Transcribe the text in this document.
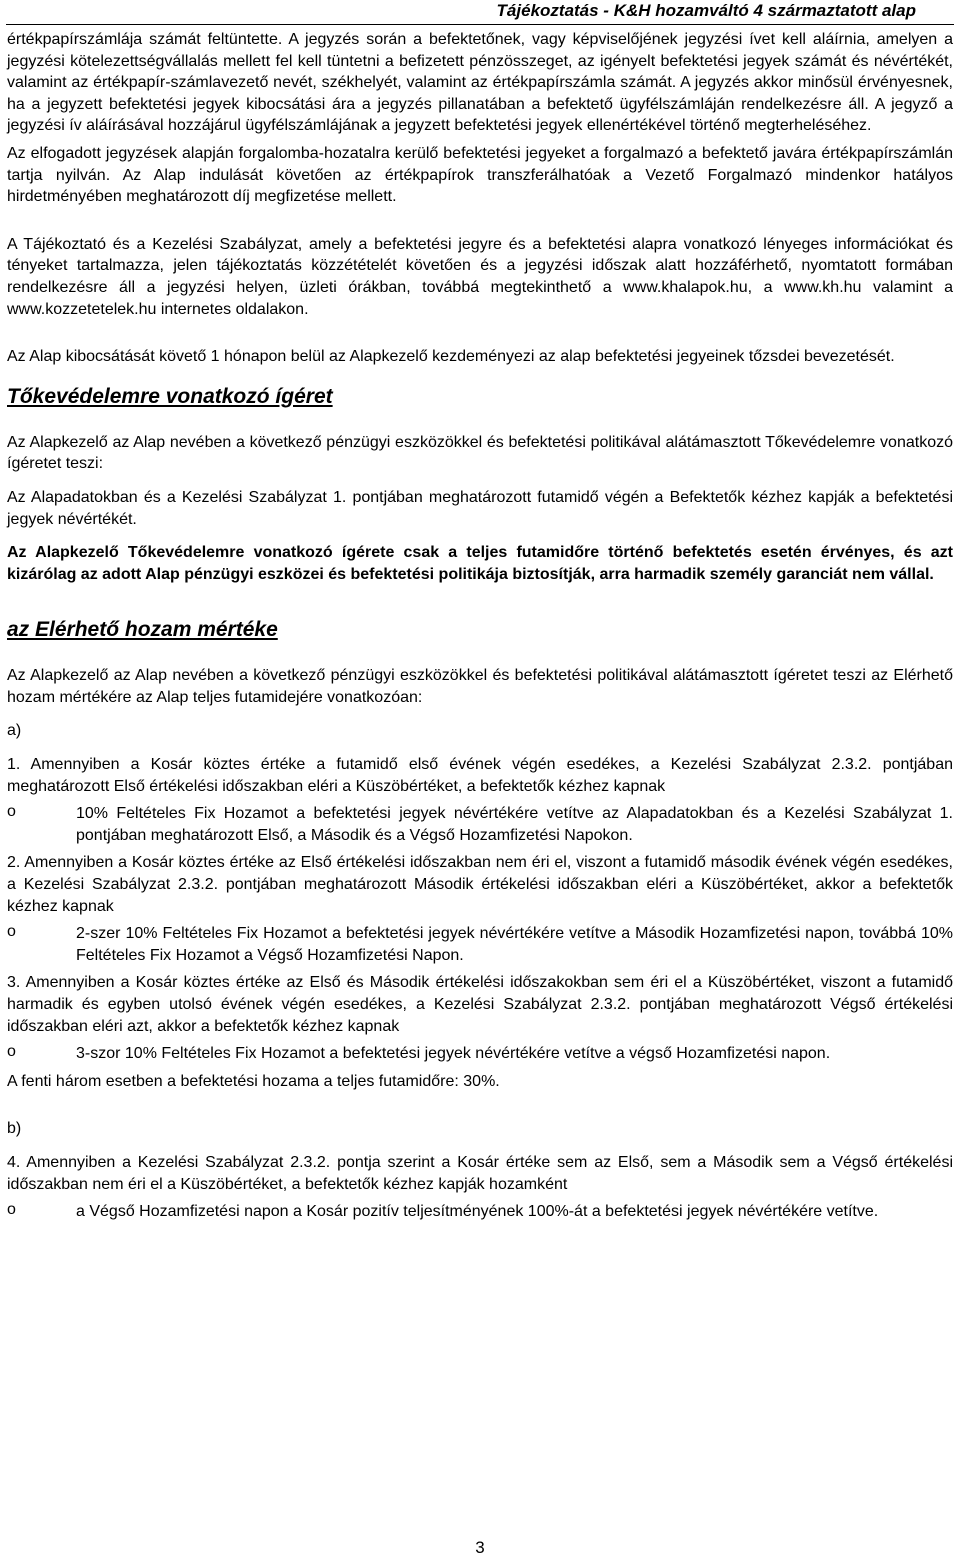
Tájékoztatás - K&H hozamváltó 4 származtatott alap

értékpapírszámlája számát feltüntette. A jegyzés során a befektetőnek, vagy képviselőjének jegyzési ívet kell aláírnia, amelyen a jegyzési kötelezettségvállalás mellett fel kell tüntetni a befizetett pénzösszeget, az igényelt befektetési jegyek számát és névértékét, valamint az értékpapír-számlavezető nevét, székhelyét, valamint az értékpapírszámla számát. A jegyzés akkor minősül érvényesnek, ha a jegyzett befektetési jegyek kibocsátási ára a jegyzés pillanatában a befektető ügyfélszámláján rendelkezésre áll. A jegyző a jegyzési ív aláírásával hozzájárul ügyfélszámlájának a jegyzett befektetési jegyek ellenértékével történő megterheléséhez.

Az elfogadott jegyzések alapján forgalomba-hozatalra kerülő befektetési jegyeket a forgalmazó a befektető javára értékpapírszámlán tartja nyilván. Az Alap indulását követően az értékpapírok transzferálhatóak a Vezető Forgalmazó mindenkor hatályos hirdetményében meghatározott díj megfizetése mellett.

A Tájékoztató és a Kezelési Szabályzat, amely a befektetési jegyre és a befektetési alapra vonatkozó lényeges információkat és tényeket tartalmazza, jelen tájékoztatás közzétételét követően és a jegyzési időszak alatt hozzáférhető, nyomtatott formában rendelkezésre áll a jegyzési helyen, üzleti órákban, továbbá megtekinthető a www.khalapok.hu, a www.kh.hu valamint a www.kozzetetelek.hu internetes oldalakon.

Az Alap kibocsátását követő 1 hónapon belül az Alapkezelő kezdeményezi az alap befektetési jegyeinek tőzsdei bevezetését.

Tőkevédelemre vonatkozó ígéret

Az Alapkezelő az Alap nevében a következő pénzügyi eszközökkel és befektetési politikával alátámasztott Tőkevédelemre vonatkozó ígéretet teszi:

Az Alapadatokban és a Kezelési Szabályzat 1. pontjában meghatározott futamidő végén a Befektetők kézhez kapják a befektetési jegyek névértékét.

Az Alapkezelő Tőkevédelemre vonatkozó ígérete csak a teljes futamidőre történő befektetés esetén érvényes, és azt kizárólag az adott Alap pénzügyi eszközei és befektetési politikája biztosítják, arra harmadik személy garanciát nem vállal.

az Elérhető hozam mértéke

Az Alapkezelő az Alap nevében a következő pénzügyi eszközökkel és befektetési politikával alátámasztott ígéretet teszi az Elérhető hozam mértékére az Alap teljes futamidejére vonatkozóan:

a)

1. Amennyiben a Kosár köztes értéke a futamidő első évének végén esedékes, a Kezelési Szabályzat 2.3.2. pontjában meghatározott Első értékelési időszakban eléri a Küszöbértéket, a befektetők kézhez kapnak

o	10% Feltételes Fix Hozamot a befektetési jegyek névértékére vetítve az Alapadatokban és a Kezelési Szabályzat 1. pontjában meghatározott Első, a Második és a Végső Hozamfizetési Napokon.

2. Amennyiben a Kosár köztes értéke az Első értékelési időszakban nem éri el, viszont a futamidő második évének végén esedékes, a Kezelési Szabályzat 2.3.2. pontjában meghatározott Második értékelési időszakban eléri a Küszöbértéket, akkor a befektetők kézhez kapnak

o	2-szer 10% Feltételes Fix Hozamot a befektetési jegyek névértékére vetítve a Második Hozamfizetési napon, továbbá 10% Feltételes Fix Hozamot a Végső Hozamfizetési Napon.

3. Amennyiben a Kosár köztes értéke az Első és Második értékelési időszakokban sem éri el a Küszöbértéket, viszont a futamidő harmadik és egyben utolsó évének végén esedékes, a Kezelési Szabályzat 2.3.2. pontjában meghatározott Végső értékelési időszakban eléri azt, akkor a befektetők kézhez kapnak

o	3-szor 10% Feltételes Fix Hozamot a befektetési jegyek névértékére vetítve a végső Hozamfizetési napon.

A fenti három esetben a befektetési hozama a teljes futamidőre: 30%.

b)

4. Amennyiben a Kezelési Szabályzat 2.3.2. pontja szerint a Kosár értéke sem az Első, sem a Második sem a Végső értékelési időszakban nem éri el a Küszöbértéket, a befektetők kézhez kapják hozamként

o	a Végső Hozamfizetési napon a Kosár pozitív teljesítményének 100%-át a befektetési jegyek névértékére vetítve.

3
